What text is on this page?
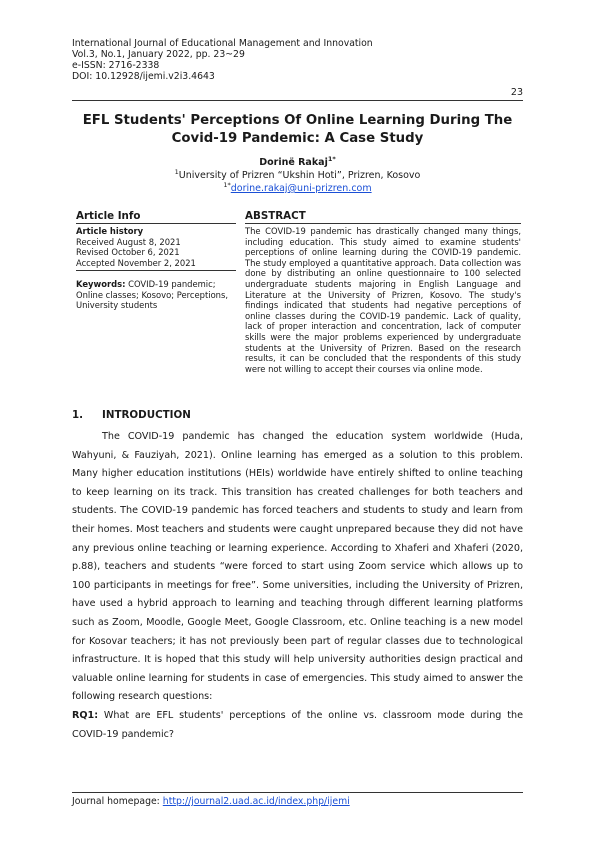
International Journal of Educational Management and Innovation
Vol.3, No.1, January 2022, pp. 23~29
e-ISSN: 2716-2338
DOI: 10.12928/ijemi.v2i3.4643
23
EFL Students' Perceptions Of Online Learning During The Covid-19 Pandemic: A Case Study
Dorinë Rakaj$^{1*}$
$^1$University of Prizren “Ukshin Hoti”, Prizren, Kosovo
$^{1*}$dorine.rakaj@uni-prizren.com
Article Info
Article history
Received August 8, 2021
Revised October 6, 2021
Accepted November 2, 2021
Keywords: COVID-19 pandemic; Online classes; Kosovo; Perceptions, University students
ABSTRACT

The COVID-19 pandemic has drastically changed many things, including education. This study aimed to examine students' perceptions of online learning during the COVID-19 pandemic. The study employed a quantitative approach. Data collection was done by distributing an online questionnaire to 100 selected undergraduate students majoring in English Language and Literature at the University of Prizren, Kosovo. The study's findings indicated that students had negative perceptions of online classes during the COVID-19 pandemic. Lack of quality, lack of proper interaction and concentration, lack of computer skills were the major problems experienced by undergraduate students at the University of Prizren. Based on the research results, it can be concluded that the respondents of this study were not willing to accept their courses via online mode.

1. INTRODUCTION

The COVID-19 pandemic has changed the education system worldwide (Huda, Wahyuni, & Fauziyah, 2021). Online learning has emerged as a solution to this problem. Many higher education institutions (HEIs) worldwide have entirely shifted to online teaching to keep learning on its track. This transition has created challenges for both teachers and students. The COVID-19 pandemic has forced teachers and students to study and learn from their homes. Most teachers and students were caught unprepared because they did not have any previous online teaching or learning experience. According to Xhaferi and Xhaferi (2020, p.88), teachers and students “were forced to start using Zoom service which allows up to 100 participants in meetings for free”. Some universities, including the University of Prizren, have used a hybrid approach to learning and teaching through different learning platforms such as Zoom, Moodle, Google Meet, Google Classroom, etc. Online teaching is a new model for Kosovar teachers; it has not previously been part of regular classes due to technological infrastructure. It is hoped that this study will help university authorities design practical and valuable online learning for students in case of emergencies. This study aimed to answer the following research questions:

RQ1: What are EFL students' perceptions of the online vs. classroom mode during the COVID-19 pandemic?

Journal homepage: http://journal2.uad.ac.id/index.php/ijemi
